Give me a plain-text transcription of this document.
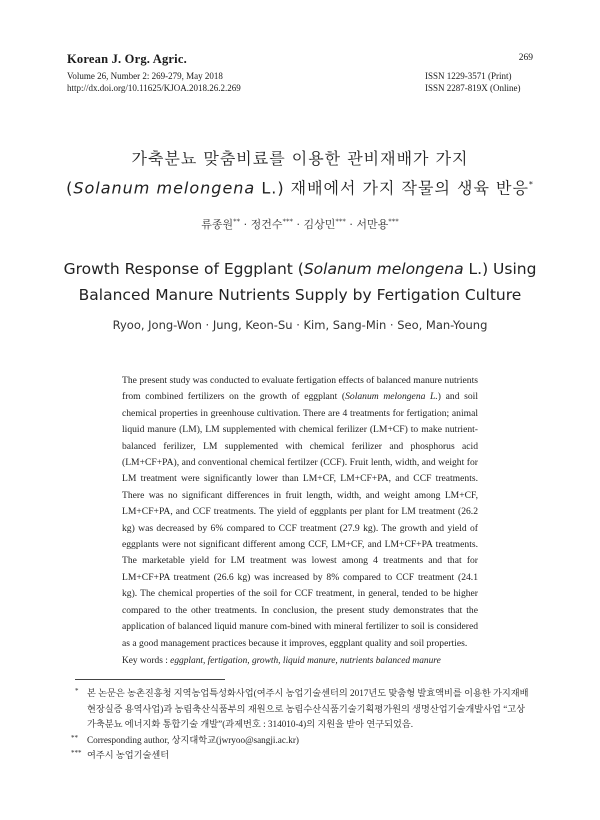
Korean J. Org. Agric.
Volume 26, Number 2: 269-279, May 2018
269
ISSN 1229-3571 (Print)
http://dx.doi.org/10.11625/KJOA.2018.26.2.269	ISSN 2287-819X (Online)
가축분뇨 맞춤비료를 이용한 관비재배가 가지
(Solanum melongena L.) 재배에서 가지 작물의 생육 반응*
류종원** · 정건수*** · 김상민*** · 서만용***
Growth Response of Eggplant (Solanum melongena L.) Using
Balanced Manure Nutrients Supply by Fertigation Culture
Ryoo, Jong-Won · Jung, Keon-Su · Kim, Sang-Min · Seo, Man-Young
The present study was conducted to evaluate fertigation effects of balanced manure nutrients from combined fertilizers on the growth of eggplant (Solanum melongena L.) and soil chemical properties in greenhouse cultivation. There are 4 treatments for fertigation; animal liquid manure (LM), LM supplemented with chemical ferilizer (LM+CF) to make nutrient-balanced ferilizer, LM supplemented with chemical ferilizer and phosphorus acid (LM+CF+PA), and conventional chemical fertilzer (CCF). Fruit lenth, width, and weight for LM treatment were significantly lower than LM+CF, LM+CF+PA, and CCF treatments. There was no significant differences in fruit length, width, and weight among LM+CF, LM+CF+PA, and CCF treatments. The yield of eggplants per plant for LM treatment (26.2 kg) was decreased by 6% compared to CCF treatment (27.9 kg). The growth and yield of eggplants were not significant different among CCF, LM+CF, and LM+CF+PA treatments. The marketable yield for LM treatment was lowest among 4 treatments and that for LM+CF+PA treatment (26.6 kg) was increased by 8% compared to CCF treatment (24.1 kg). The chemical properties of the soil for CCF treatment, in general, tended to be higher compared to the other treatments. In conclusion, the present study demonstrates that the application of balanced liquid manure com-bined with mineral fertilizer to soil is considered as a good management practices because it improves, eggplant quality and soil properties.
Key words : eggplant, fertigation, growth, liquid manure, nutrients balanced manure
* 본 논문은 농촌진흥청 지역농업특성화사업(여주시 농업기술센터의 2017년도 맞춤형 발효액비를 이용한 가지재배 현장실증 용역사업)과 농림축산식품부의 재원으로 농림수산식품기술기획평가원의 생명산업기술개발사업 “고상 가축분뇨 에너지화 통합기술 개발”(과제번호 : 314010-4)의 지원을 받아 연구되었음.
** Corresponding author, 상지대학교(jwryoo@sangji.ac.kr)
*** 여주시 농업기술센터
